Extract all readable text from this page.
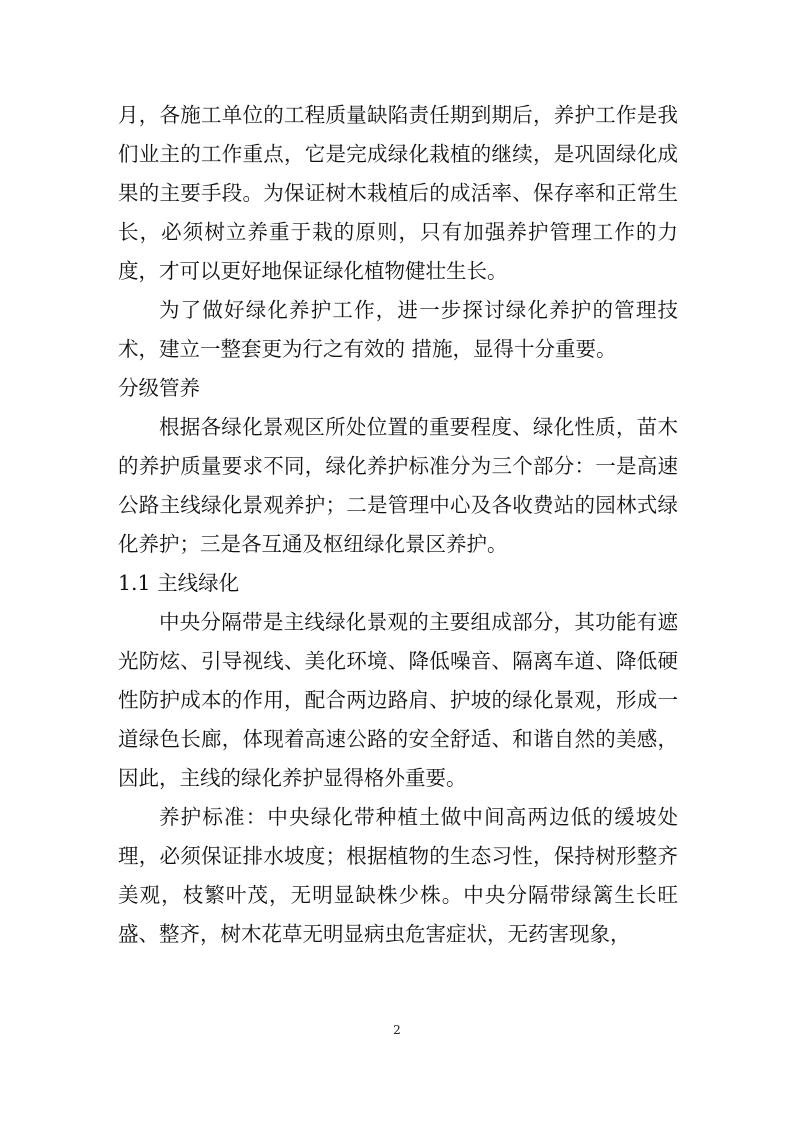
月，各施工单位的工程质量缺陷责任期到期后，养护工作是我们业主的工作重点，它是完成绿化栽植的继续，是巩固绿化成果的主要手段。为保证树木栽植后的成活率、保存率和正常生长，必须树立养重于栽的原则，只有加强养护管理工作的力度，才可以更好地保证绿化植物健壮生长。

为了做好绿化养护工作，进一步探讨绿化养护的管理技术，建立一整套更为行之有效的 措施，显得十分重要。

分级管养

根据各绿化景观区所处位置的重要程度、绿化性质，苗木的养护质量要求不同，绿化养护标准分为三个部分：一是高速公路主线绿化景观养护；二是管理中心及各收费站的园林式绿化养护；三是各互通及枢纽绿化景区养护。

1.1 主线绿化

中央分隔带是主线绿化景观的主要组成部分，其功能有遮光防炫、引导视线、美化环境、降低噪音、隔离车道、降低硬性防护成本的作用，配合两边路肩、护坡的绿化景观，形成一道绿色长廊，体现着高速公路的安全舒适、和谐自然的美感，因此，主线的绿化养护显得格外重要。

养护标准：中央绿化带种植土做中间高两边低的缓坡处理，必须保证排水坡度；根据植物的生态习性，保持树形整齐美观，枝繁叶茂，无明显缺株少株。中央分隔带绿篱生长旺盛、整齐，树木花草无明显病虫危害症状，无药害现象，

2
